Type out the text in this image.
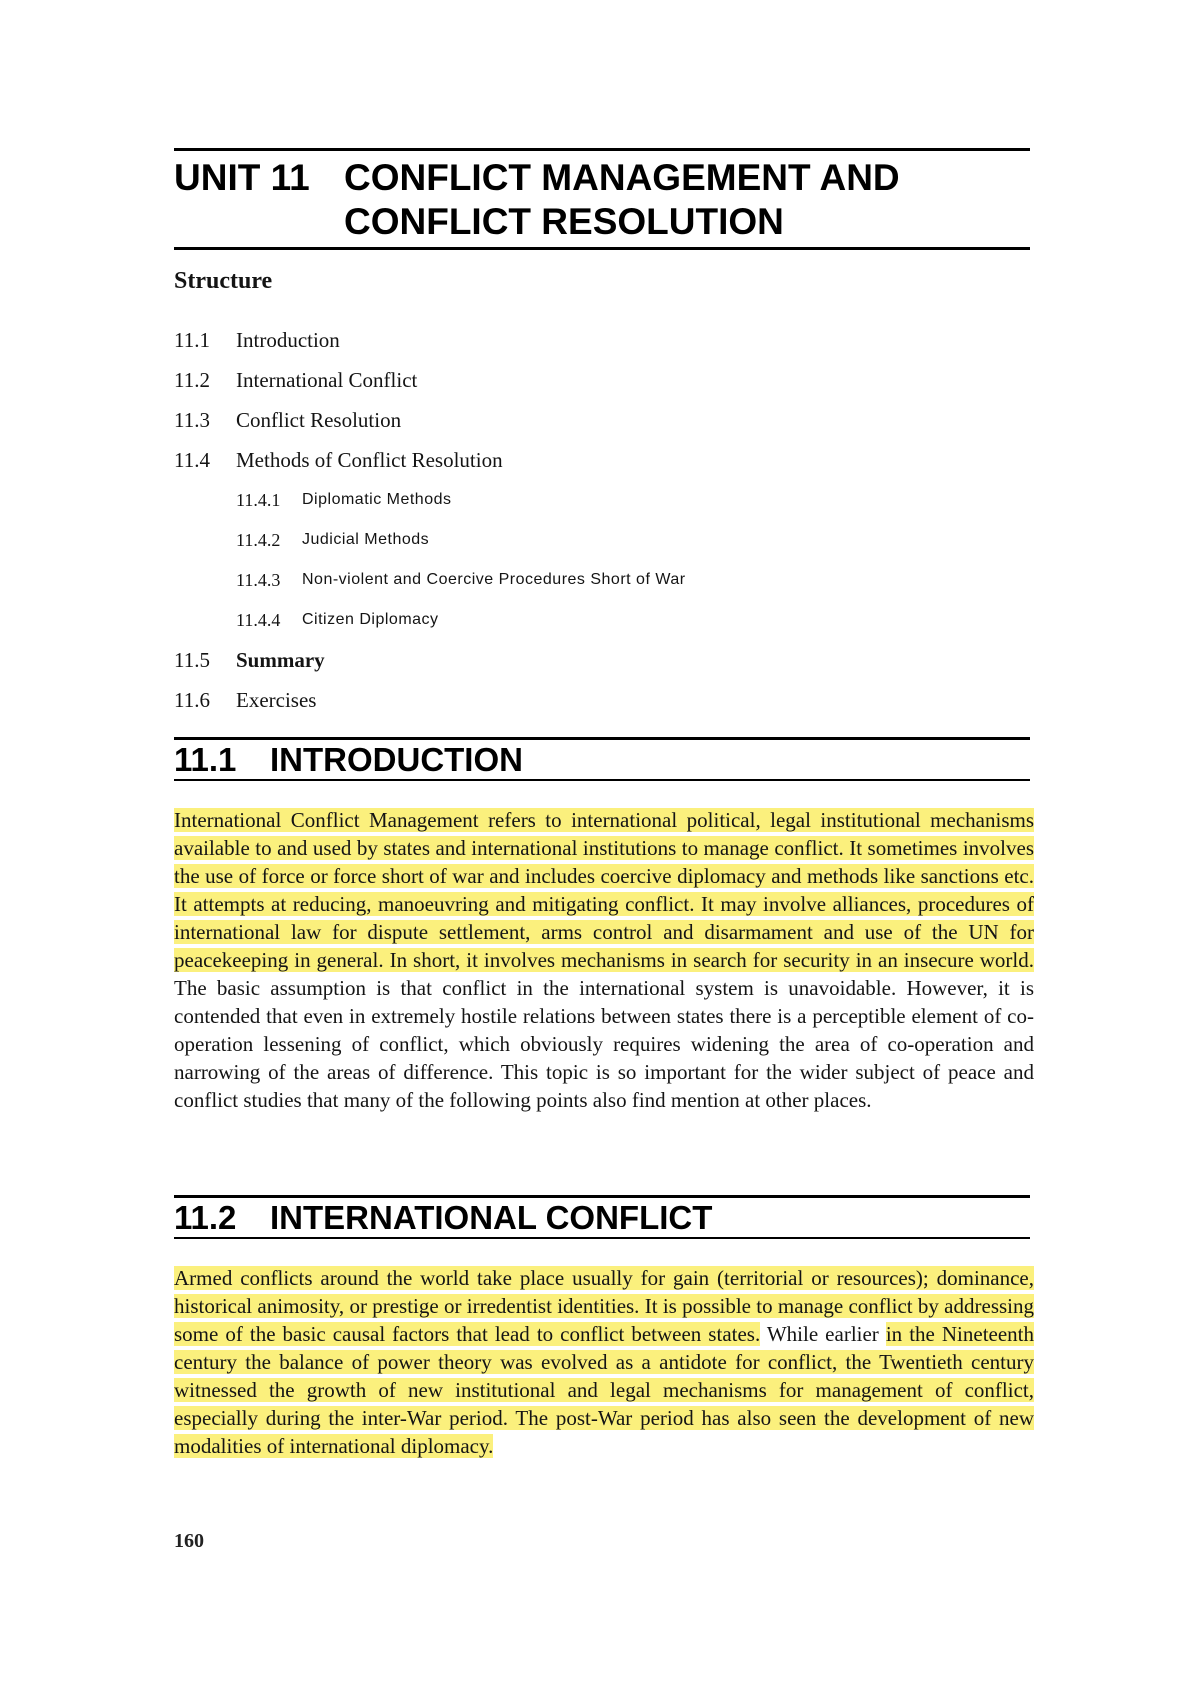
UNIT 11 CONFLICT MANAGEMENT AND
CONFLICT RESOLUTION
Structure
11.1 Introduction
11.2 International Conflict
11.3 Conflict Resolution
11.4 Methods of Conflict Resolution
11.4.1 Diplomatic Methods
11.4.2 Judicial Methods
11.4.3 Non-violent and Coercive Procedures Short of War
11.4.4 Citizen Diplomacy
11.5 Summary
11.6 Exercises
11.1 INTRODUCTION

International Conflict Management refers to international political, legal institutional mechanisms available to and used by states and international institutions to manage conflict. It sometimes involves the use of force or force short of war and includes coercive diplomacy and methods like sanctions etc. It attempts at reducing, manoeuvring and mitigating conflict. It may involve alliances, procedures of international law for dispute settlement, arms control and disarmament and use of the UN for peacekeeping in general. In short, it involves mechanisms in search for security in an insecure world. The basic assumption is that conflict in the international system is unavoidable. However, it is contended that even in extremely hostile relations between states there is a perceptible element of co-operation lessening of conflict, which obviously requires widening the area of co-operation and narrowing of the areas of difference. This topic is so important for the wider subject of peace and conflict studies that many of the following points also find mention at other places.

11.2 INTERNATIONAL CONFLICT

Armed conflicts around the world take place usually for gain (territorial or resources); dominance, historical animosity, or prestige or irredentist identities. It is possible to manage conflict by addressing some of the basic causal factors that lead to conflict between states. While earlier in the Nineteenth century the balance of power theory was evolved as a antidote for conflict, the Twentieth century witnessed the growth of new institutional and legal mechanisms for management of conflict, especially during the inter-War period. The post-War period has also seen the development of new modalities of international diplomacy.

160
